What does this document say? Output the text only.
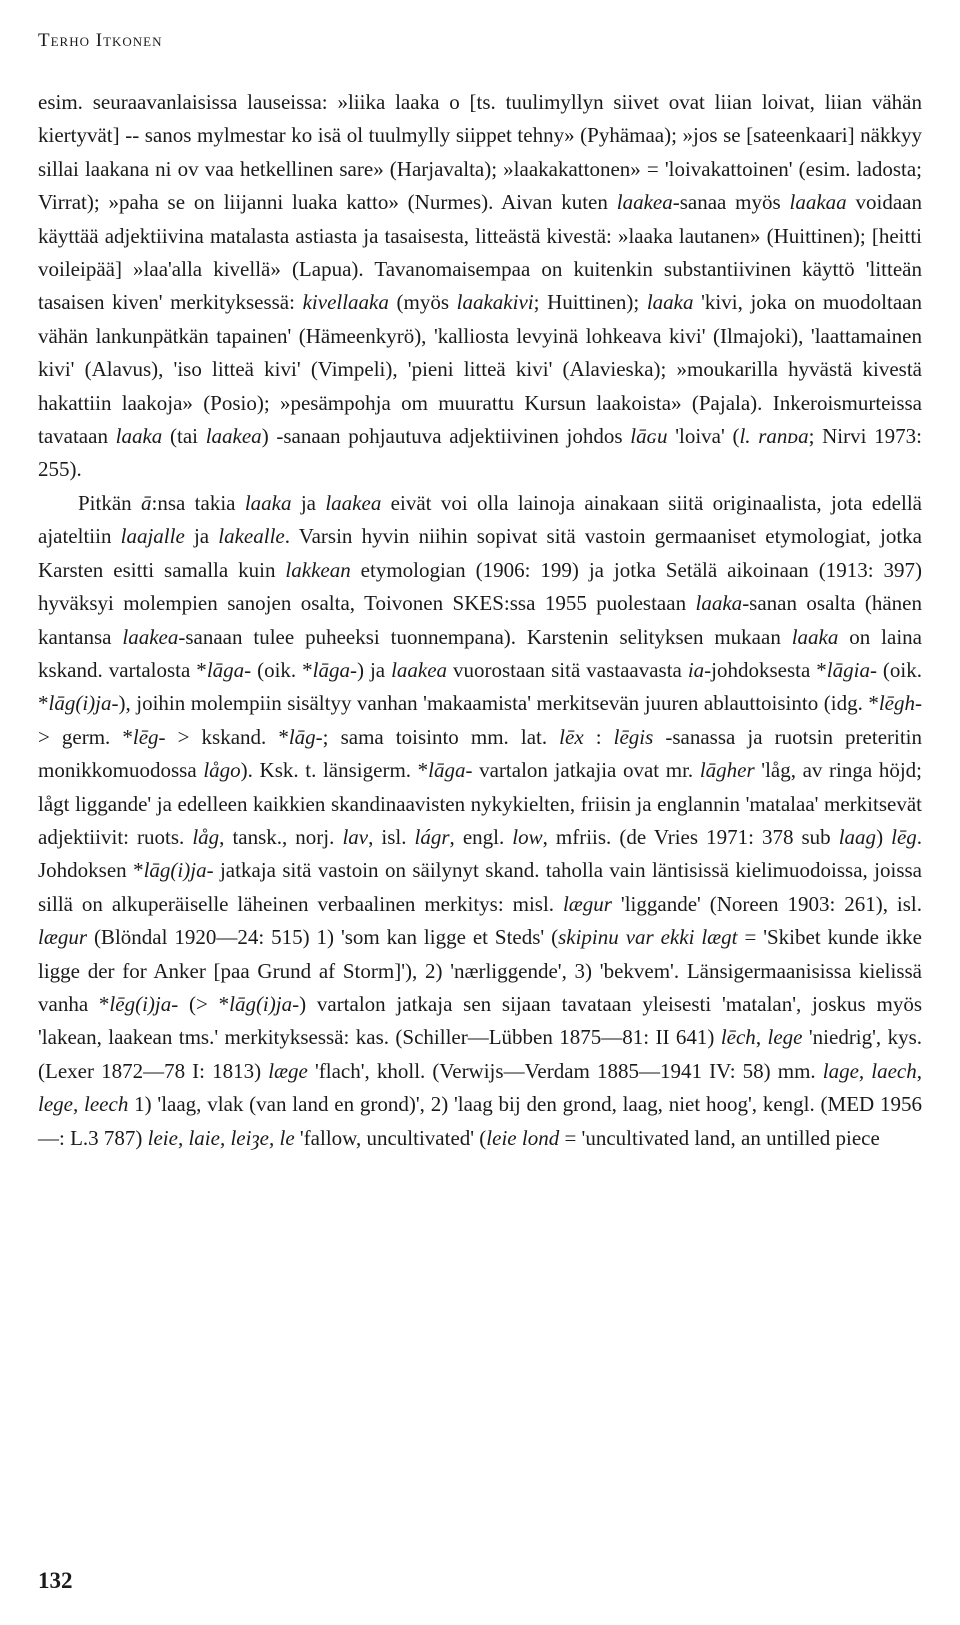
Terho Itkonen

esim. seuraavanlaisissa lauseissa: »liika laaka o [ts. tuulimyllyn siivet ovat liian loivat, liian vähän kiertyvät] -- sanos mylmestar ko isä ol tuulmylly siippet tehny» (Pyhämaa); »jos se [sateenkaari] näkkyy sillai laakana ni ov vaa hetkellinen sare» (Harjavalta); »laakakattonen» = 'loivakattoinen' (esim. ladosta; Virrat); »paha se on liijanni luaka katto» (Nurmes). Aivan kuten laakea-sanaa myös laakaa voidaan käyttää adjektiivina matalasta astiasta ja tasaisesta, litteästä kivestä: »laaka lautanen» (Huittinen); [heitti voileipää] »laa'alla kivellä» (Lapua). Tavanomaisempaa on kuitenkin substantiivinen käyttö 'litteän tasaisen kiven' merkityksessä: kivellaaka (myös laakakivi; Huittinen); laaka 'kivi, joka on muodoltaan vähän lankunpätkän tapainen' (Hämeenkyrö), 'kalliosta levyinä lohkeava kivi' (Ilmajoki), 'laattamainen kivi' (Alavus), 'iso litteä kivi' (Vimpeli), 'pieni litteä kivi' (Alavieska); »moukarilla hyvästä kivestä hakattiin laakoja» (Posio); »pesämpohja om muurattu Kursun laakoista» (Pajala). Inkeroismurteissa tavataan laaka (tai laakea) -sanaan pohjautuva adjektiivinen johdos lāɢu 'loiva' (l. ranᴅa; Nirvi 1973: 255).

Pitkän ā:nsa takia laaka ja laakea eivät voi olla lainoja ainakaan siitä originaalista, jota edellä ajateltiin laajalle ja lakealle. Varsin hyvin niihin sopivat sitä vastoin germaaniset etymologiat, jotka Karsten esitti samalla kuin lakkean etymologian (1906: 199) ja jotka Setälä aikoinaan (1913: 397) hyväksyi molempien sanojen osalta, Toivonen SKES:ssa 1955 puolestaan laaka-sanan osalta (hänen kantansa laakea-sanaan tulee puheeksi tuonnempana). Karstenin selityksen mukaan laaka on laina kskand. vartalosta *lāga- (oik. *lāga-) ja laakea vuorostaan sitä vastaavasta ia-johdoksesta *lāgia- (oik. *lāg(i)ja-), joihin molempiin sisältyy vanhan 'makaamista' merkitsevän juuren ablauttoisinto (idg. *lēgh- > germ. *lēg- > kskand. *lāg-; sama toisinto mm. lat. lēx : lēgis -sanassa ja ruotsin preteritin monikkomuodossa lågo). Ksk. t. länsigerm. *lāga- vartalon jatkajia ovat mr. lāgher 'låg, av ringa höjd; lågt liggande' ja edelleen kaikkien skandinaavisten nykykielten, friisin ja englannin 'matalaa' merkitsevät adjektiivit: ruots. låg, tansk., norj. lav, isl. lágr, engl. low, mfriis. (de Vries 1971: 378 sub laag) lēg. Johdoksen *lāg(i)ja- jatkaja sitä vastoin on säilynyt skand. taholla vain läntisissä kielimuodoissa, joissa sillä on alkuperäiselle läheinen verbaalinen merkitys: misl. lægur 'liggande' (Noreen 1903: 261), isl. lægur (Blöndal 1920—24: 515) 1) 'som kan ligge et Steds' (skipinu var ekki lægt = 'Skibet kunde ikke ligge der for Anker [paa Grund af Storm]'), 2) 'nærliggende', 3) 'bekvem'. Länsigermaanisissa kielissä vanha *lēg(i)ja- (> *lāg(i)ja-) vartalon jatkaja sen sijaan tavataan yleisesti 'matalan', joskus myös 'lakean, laakean tms.' merkityksessä: kas. (Schiller—Lübben 1875—81: II 641) lēch, lege 'niedrig', kys. (Lexer 1872—78 I: 1813) læge 'flach', kholl. (Verwijs—Verdam 1885—1941 IV: 58) mm. lage, laech, lege, leech 1) 'laag, vlak (van land en grond)', 2) 'laag bij den grond, laag, niet hoog', kengl. (MED 1956—: L.3 787) leie, laie, leiȝe, le 'fallow, uncultivated' (leie lond = 'uncultivated land, an untilled piece

132
